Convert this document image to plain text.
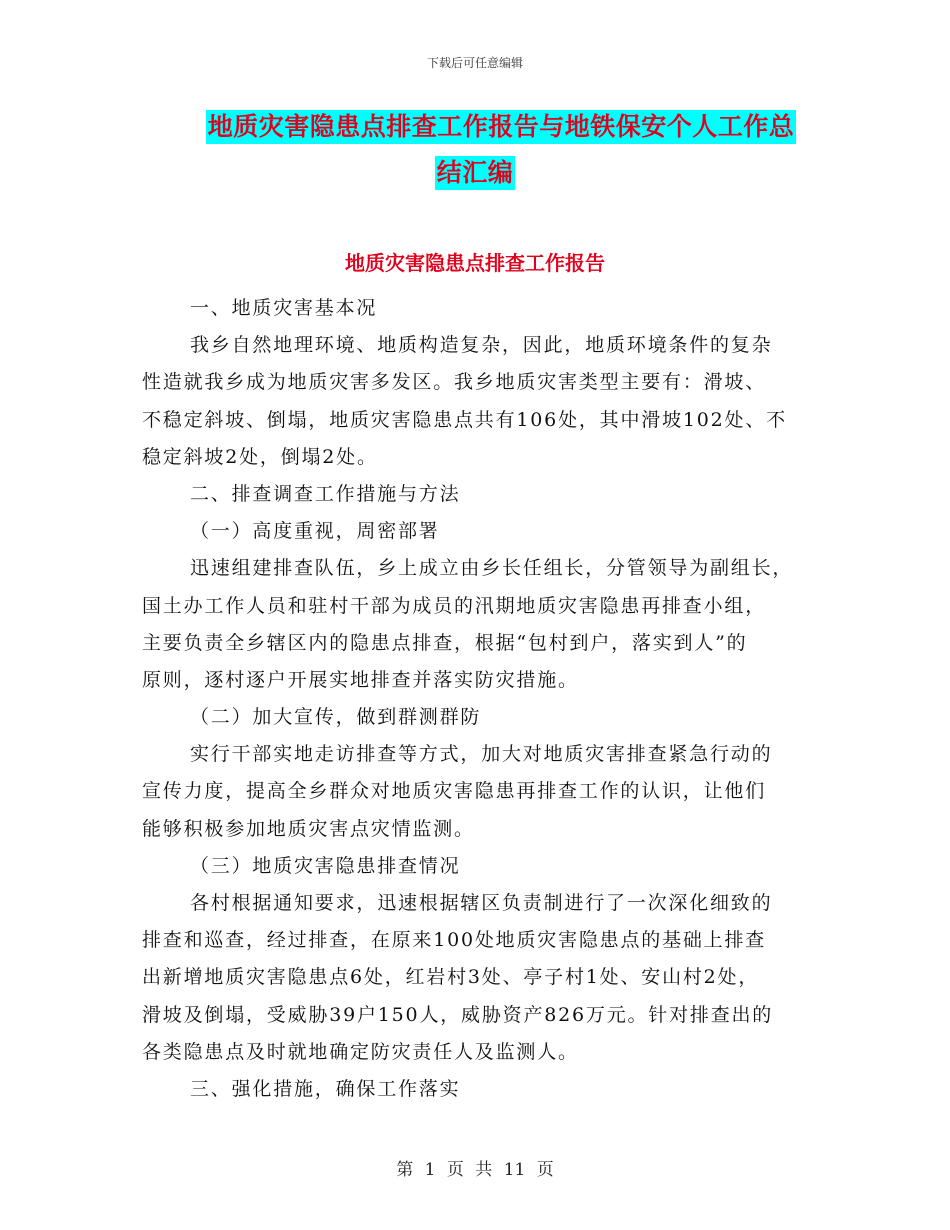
下载后可任意编辑
地质灾害隐患点排查工作报告与地铁保安个人工作总
结汇编
地质灾害隐患点排查工作报告
一、地质灾害基本况
我乡自然地理环境、地质构造复杂，因此，地质环境条件的复杂
性造就我乡成为地质灾害多发区。我乡地质灾害类型主要有：滑坡、
不稳定斜坡、倒塌，地质灾害隐患点共有106处，其中滑坡102处、不
稳定斜坡2处，倒塌2处。
二、排查调查工作措施与方法
（一）高度重视，周密部署
迅速组建排查队伍，乡上成立由乡长任组长，分管领导为副组长，
国土办工作人员和驻村干部为成员的汛期地质灾害隐患再排查小组，
主要负责全乡辖区内的隐患点排查，根据“包村到户，落实到人”的
原则，逐村逐户开展实地排查并落实防灾措施。
（二）加大宣传，做到群测群防
实行干部实地走访排查等方式，加大对地质灾害排查紧急行动的
宣传力度，提高全乡群众对地质灾害隐患再排查工作的认识，让他们
能够积极参加地质灾害点灾情监测。
（三）地质灾害隐患排查情况
各村根据通知要求，迅速根据辖区负责制进行了一次深化细致的
排查和巡查，经过排查，在原来100处地质灾害隐患点的基础上排查
出新增地质灾害隐患点6处，红岩村3处、亭子村1处、安山村2处，
滑坡及倒塌，受威胁39户150人，威胁资产826万元。针对排查出的
各类隐患点及时就地确定防灾责任人及监测人。
三、强化措施，确保工作落实
第 1 页 共 11 页
